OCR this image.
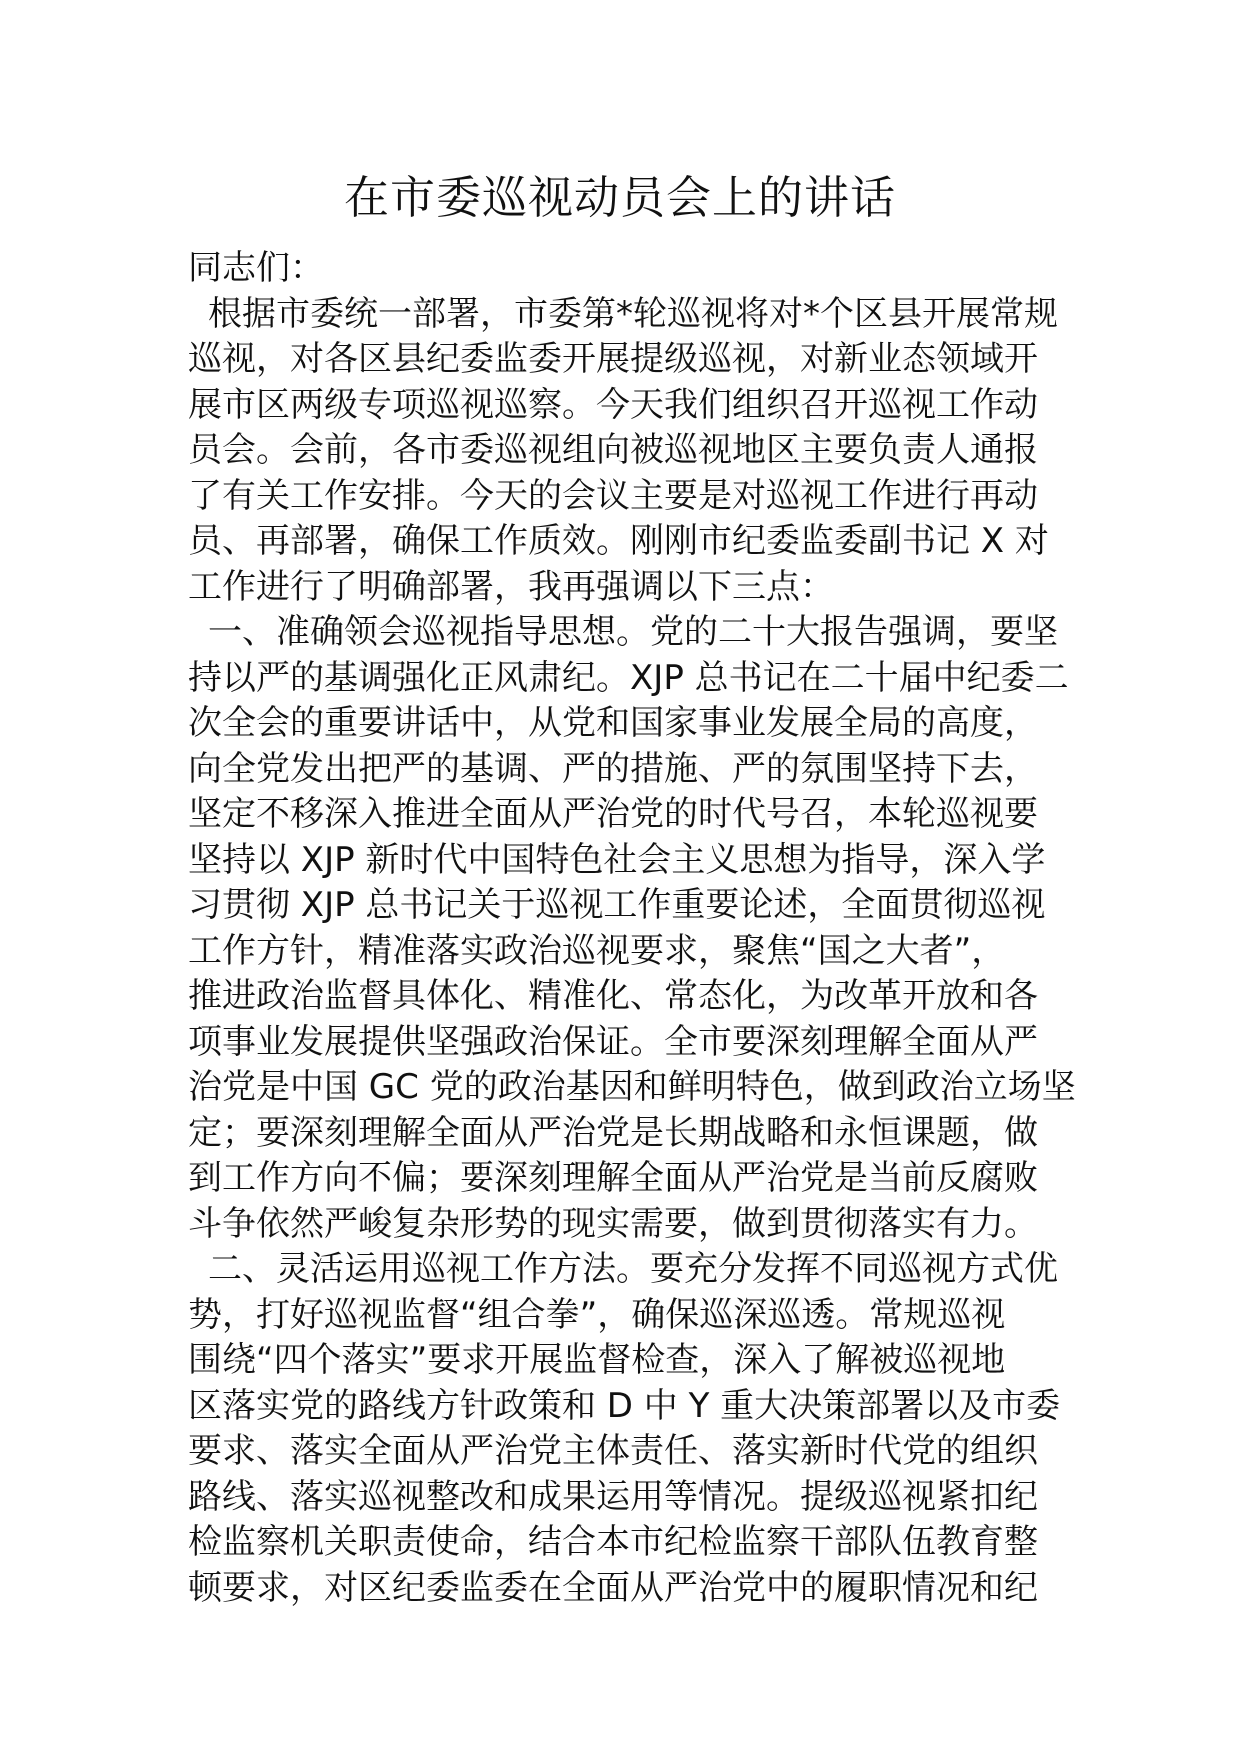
在市委巡视动员会上的讲话

同志们：

根据市委统一部署，市委第*轮巡视将对*个区县开展常规

巡视，对各区县纪委监委开展提级巡视，对新业态领域开

展市区两级专项巡视巡察。今天我们组织召开巡视工作动

员会。会前，各市委巡视组向被巡视地区主要负责人通报

了有关工作安排。今天的会议主要是对巡视工作进行再动

员、再部署，确保工作质效。刚刚市纪委监委副书记 X 对

工作进行了明确部署，我再强调以下三点：

一、准确领会巡视指导思想。党的二十大报告强调，要坚

持以严的基调强化正风肃纪。XJP 总书记在二十届中纪委二

次全会的重要讲话中，从党和国家事业发展全局的高度，

向全党发出把严的基调、严的措施、严的氛围坚持下去，

坚定不移深入推进全面从严治党的时代号召，本轮巡视要

坚持以 XJP 新时代中国特色社会主义思想为指导，深入学

习贯彻 XJP 总书记关于巡视工作重要论述，全面贯彻巡视

工作方针，精准落实政治巡视要求，聚焦“国之大者”，

推进政治监督具体化、精准化、常态化，为改革开放和各

项事业发展提供坚强政治保证。全市要深刻理解全面从严

治党是中国 GC 党的政治基因和鲜明特色，做到政治立场坚

定；要深刻理解全面从严治党是长期战略和永恒课题，做

到工作方向不偏；要深刻理解全面从严治党是当前反腐败

斗争依然严峻复杂形势的现实需要，做到贯彻落实有力。

二、灵活运用巡视工作方法。要充分发挥不同巡视方式优

势，打好巡视监督“组合拳”，确保巡深巡透。常规巡视

围绕“四个落实”要求开展监督检查，深入了解被巡视地

区落实党的路线方针政策和 D 中 Y 重大决策部署以及市委

要求、落实全面从严治党主体责任、落实新时代党的组织

路线、落实巡视整改和成果运用等情况。提级巡视紧扣纪

检监察机关职责使命，结合本市纪检监察干部队伍教育整

顿要求，对区纪委监委在全面从严治党中的履职情况和纪
